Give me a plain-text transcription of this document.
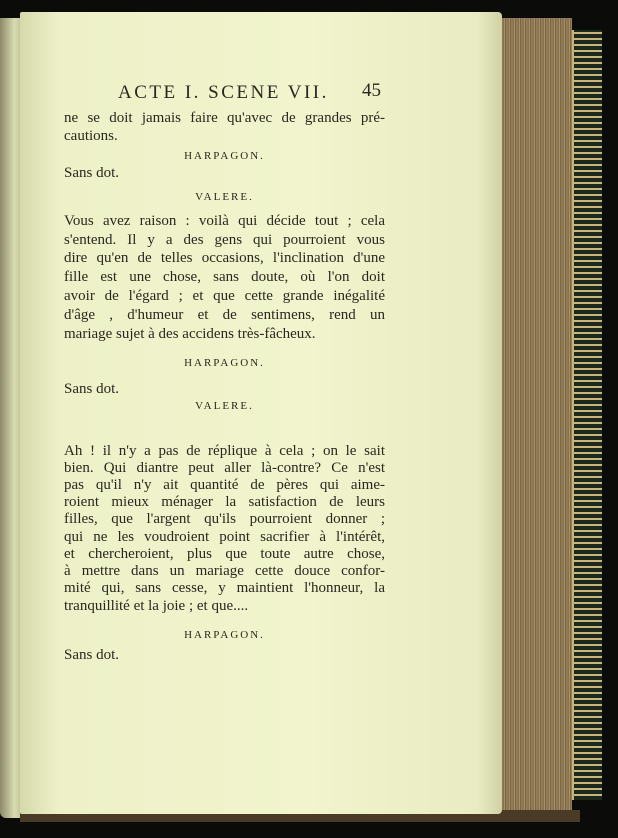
ACTE I. SCENE VII. 45
ne se doit jamais faire qu'avec de grandes pré-
cautions.
HARPAGON.
Sans dot.
VALERE.
Vous avez raison : voilà qui décide tout ; cela
s'entend. Il y a des gens qui pourroient vous
dire qu'en de telles occasions, l'inclination d'une
fille est une chose, sans doute, où l'on doit
avoir de l'égard ; et que cette grande inégalité
d'âge , d'humeur et de sentimens, rend un
mariage sujet à des accidens très-fâcheux.
HARPAGON.
Sans dot.
VALERE.
Ah ! il n'y a pas de réplique à cela ; on le sait
bien. Qui diantre peut aller là-contre? Ce n'est
pas qu'il n'y ait quantité de pères qui aime-
roient mieux ménager la satisfaction de leurs
filles, que l'argent qu'ils pourroient donner ;
qui ne les voudroient point sacrifier à l'intérêt,
et chercheroient, plus que toute autre chose,
à mettre dans un mariage cette douce confor-
mité qui, sans cesse, y maintient l'honneur, la
tranquillité et la joie ; et que....
HARPAGON.
Sans dot.
